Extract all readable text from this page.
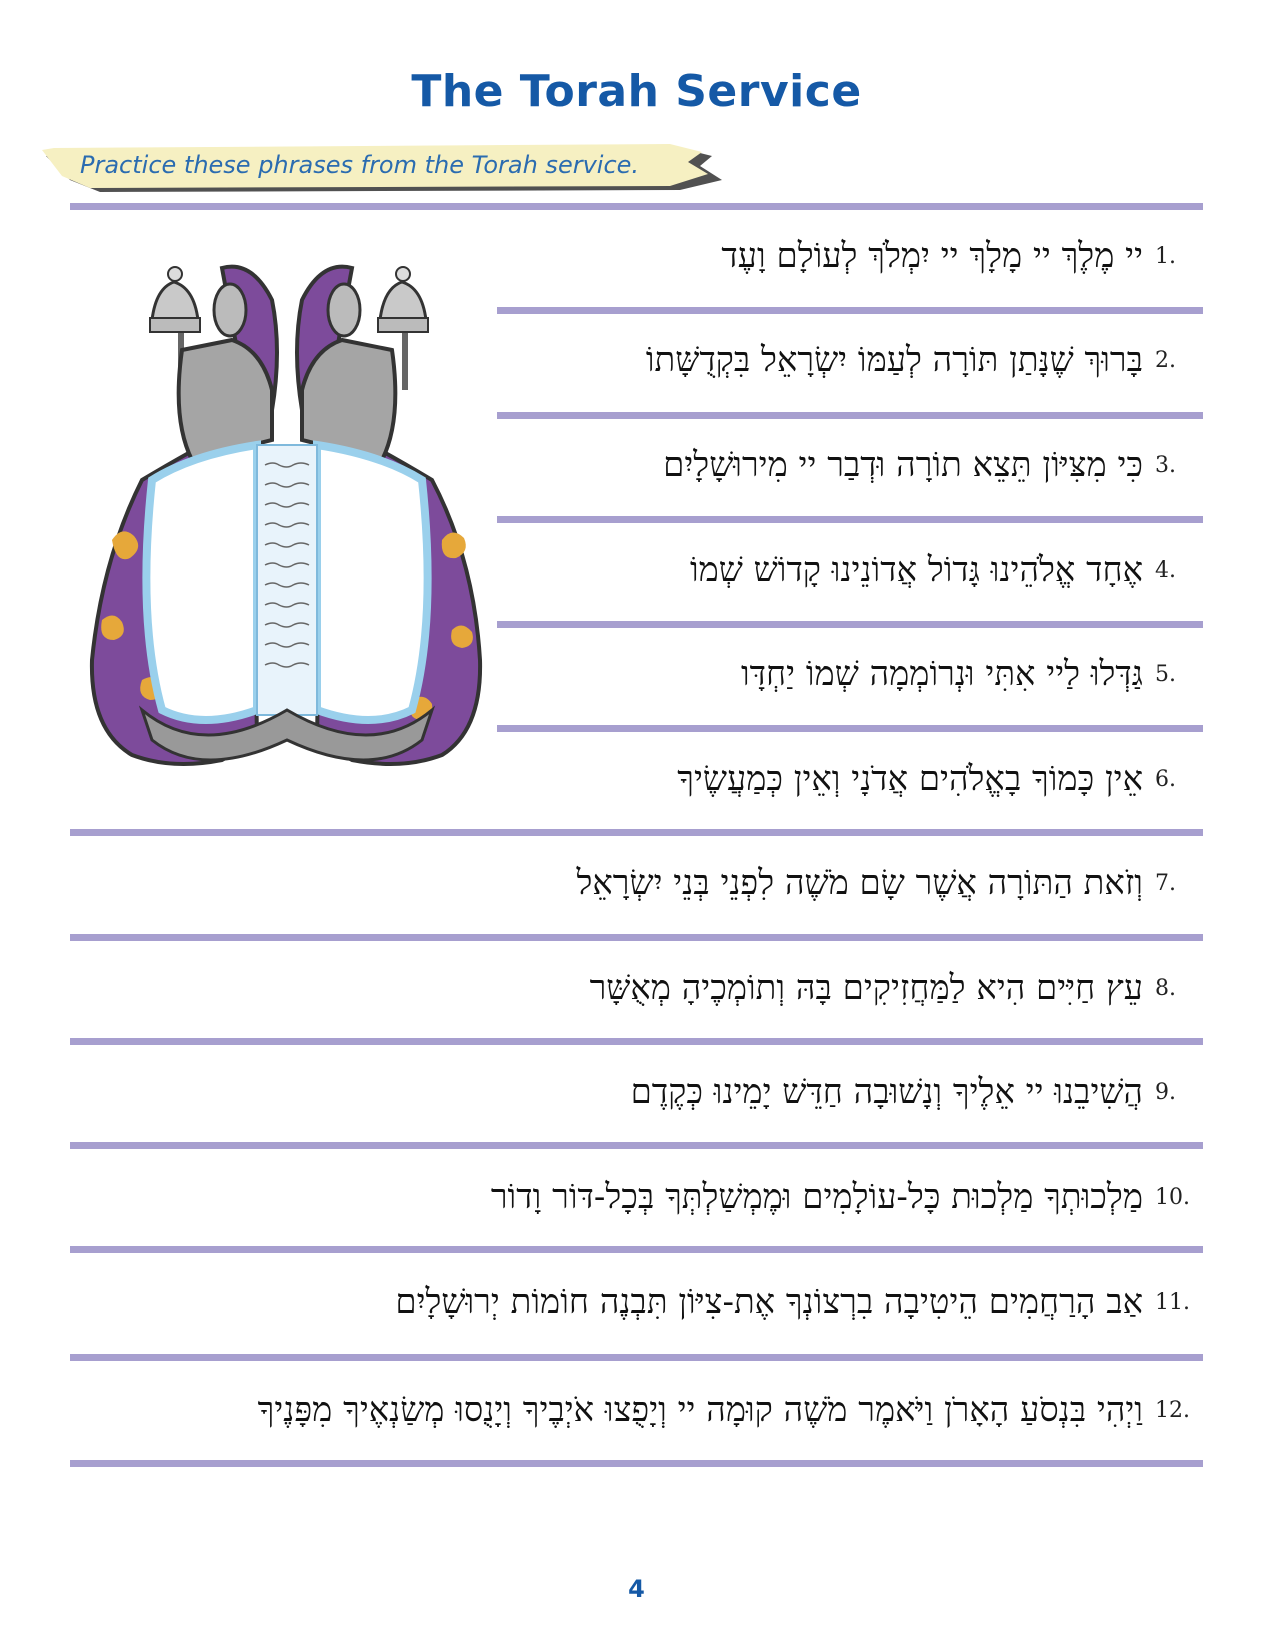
The Torah Service
Practice these phrases from the Torah service.
1.
יי מֶלֶךְ יי מָלָךְ יי יִמְלֹךְ לְעוֹלָם וָעֶד
2.
בָּרוּךְ שֶׁנָּתַן תּוֹרָה לְעַמּוֹ יִשְׂרָאֵל בִּקְדֻשָּׁתוֹ
3.
כִּי מִצִּיּוֹן תֵּצֵא תוֹרָה וּדְבַר יי מִירוּשָׁלָיִם
4.
אֶחָד אֱלֹהֵינוּ גָּדוֹל אֲדוֹנֵינוּ קָדוֹשׁ שְׁמוֹ
5.
גַּדְּלוּ לַיי אִתִּי וּנְרוֹמְמָה שְׁמוֹ יַחְדָּו
6.
אֵין כָּמוֹךָ בָאֱלֹהִים אֲדֹנָי וְאֵין כְּמַעֲשֶׂיךָ
7.
וְזֹאת הַתּוֹרָה אֲשֶׁר שָׂם מֹשֶׁה לִפְנֵי בְּנֵי יִשְׂרָאֵל
8.
עֵץ חַיִּים הִיא לַמַּחֲזִיקִים בָּהּ וְתוֹמְכֶיהָ מְאֻשָּׁר
9.
הֲשִׁיבֵנוּ יי אֵלֶיךָ וְנָשׁוּבָה חַדֵּשׁ יָמֵינוּ כְּקֶדֶם
10.
מַלְכוּתְךָ מַלְכוּת כָּל-עוֹלָמִים וּמֶמְשַׁלְתְּךָ בְּכָל-דּוֹר וָדוֹר
11.
אַב הָרַחֲמִים הֵיטִיבָה בִרְצוֹנְךָ אֶת-צִיּוֹן תִּבְנֶה חוֹמוֹת יְרוּשָׁלָיִם
12.
וַיְהִי בִּנְסֹעַ הָאָרֹן וַיֹּאמֶר מֹשֶׁה קוּמָה יי וְיָפֻצוּ אֹיְבֶיךָ וְיָנֻסוּ מְשַׂנְאֶיךָ מִפָּנֶיךָ
4
